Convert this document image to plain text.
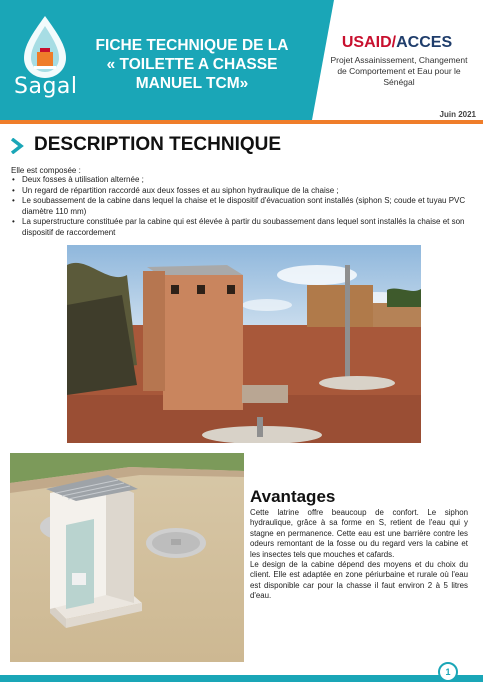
Sagal
FICHE TECHNIQUE DE LA
« TOILETTE A CHASSE
MANUEL TCM»
USAID/ACCES
Projet Assainissement, Changement de Comportement et Eau pour le Sénégal
Juin 2021
DESCRIPTION TECHNIQUE
Elle est composée :
• Deux fosses à utilisation alternée ;
• Un regard de répartition raccordé aux deux fosses et au siphon hydraulique de la chaise ;
• Le soubassement de la cabine dans lequel la chaise et le dispositif d'évacuation sont installés (siphon S; coude et tuyau PVC diamètre 110 mm)
• La superstructure constituée par la cabine qui est élevée à partir du soubassement dans lequel sont installés la chaise et son dispositif de raccordement
Avantages

Cette latrine offre beaucoup de confort. Le siphon hydraulique, grâce à sa forme en S, retient de l'eau qui y stagne en permanence. Cette eau est une barrière contre les odeurs remontant de la fosse ou du regard vers la cabine et les insectes tels que mouches et cafards.

Le design de la cabine dépend des moyens et du choix du client. Elle est adaptée en zone périurbaine et rurale où l'eau est disponible car pour la chasse il faut environ 2 à 5 litres d'eau.

1
